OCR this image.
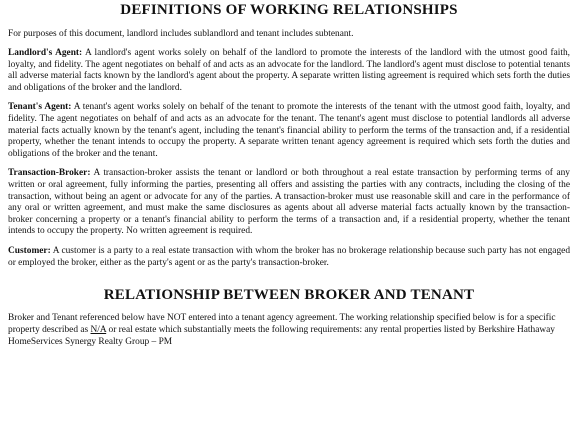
DEFINITIONS OF WORKING RELATIONSHIPS

For purposes of this document, landlord includes sublandlord and tenant includes subtenant.

Landlord's Agent: A landlord's agent works solely on behalf of the landlord to promote the interests of the landlord with the utmost good faith, loyalty, and fidelity. The agent negotiates on behalf of and acts as an advocate for the landlord. The landlord's agent must disclose to potential tenants all adverse material facts known by the landlord's agent about the property. A separate written listing agreement is required which sets forth the duties and obligations of the broker and the landlord.

Tenant's Agent: A tenant's agent works solely on behalf of the tenant to promote the interests of the tenant with the utmost good faith, loyalty, and fidelity. The agent negotiates on behalf of and acts as an advocate for the tenant. The tenant's agent must disclose to potential landlords all adverse material facts actually known by the tenant's agent, including the tenant's financial ability to perform the terms of the transaction and, if a residential property, whether the tenant intends to occupy the property. A separate written tenant agency agreement is required which sets forth the duties and obligations of the broker and the tenant.

Transaction-Broker: A transaction-broker assists the tenant or landlord or both throughout a real estate transaction by performing terms of any written or oral agreement, fully informing the parties, presenting all offers and assisting the parties with any contracts, including the closing of the transaction, without being an agent or advocate for any of the parties. A transaction-broker must use reasonable skill and care in the performance of any oral or written agreement, and must make the same disclosures as agents about all adverse material facts actually known by the transaction-broker concerning a property or a tenant's financial ability to perform the terms of a transaction and, if a residential property, whether the tenant intends to occupy the property. No written agreement is required.

Customer: A customer is a party to a real estate transaction with whom the broker has no brokerage relationship because such party has not engaged or employed the broker, either as the party's agent or as the party's transaction-broker.

RELATIONSHIP BETWEEN BROKER AND TENANT

Broker and Tenant referenced below have NOT entered into a tenant agency agreement. The working relationship specified below is for a specific property described as N/A or real estate which substantially meets the following requirements: any rental properties listed by Berkshire Hathaway HomeServices Synergy Realty Group – PM
